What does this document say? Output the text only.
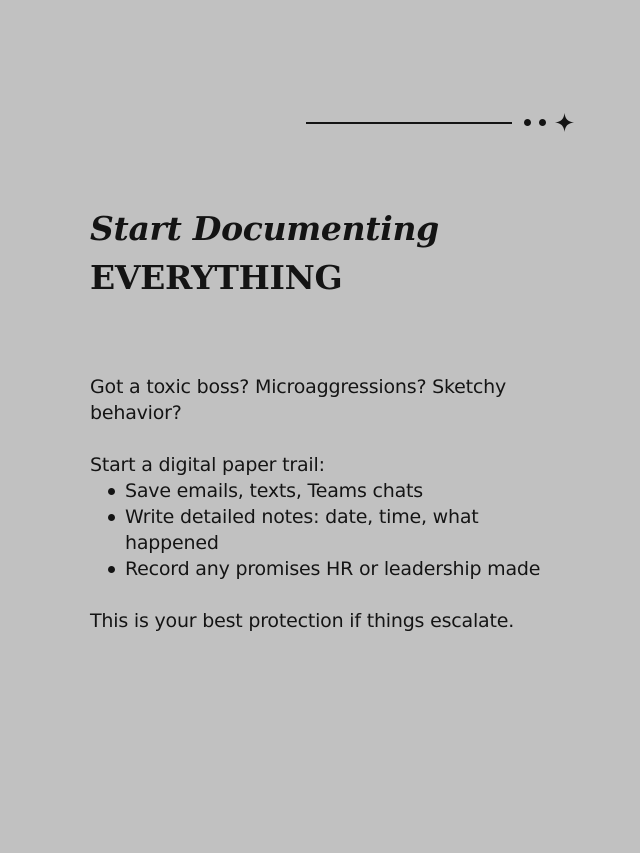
Start Documenting
EVERYTHING

Got a toxic boss? Microaggressions? Sketchy behavior?

Start a digital paper trail:

Save emails, texts, Teams chats
Write detailed notes: date, time, what happened
Record any promises HR or leadership made

This is your best protection if things escalate.
